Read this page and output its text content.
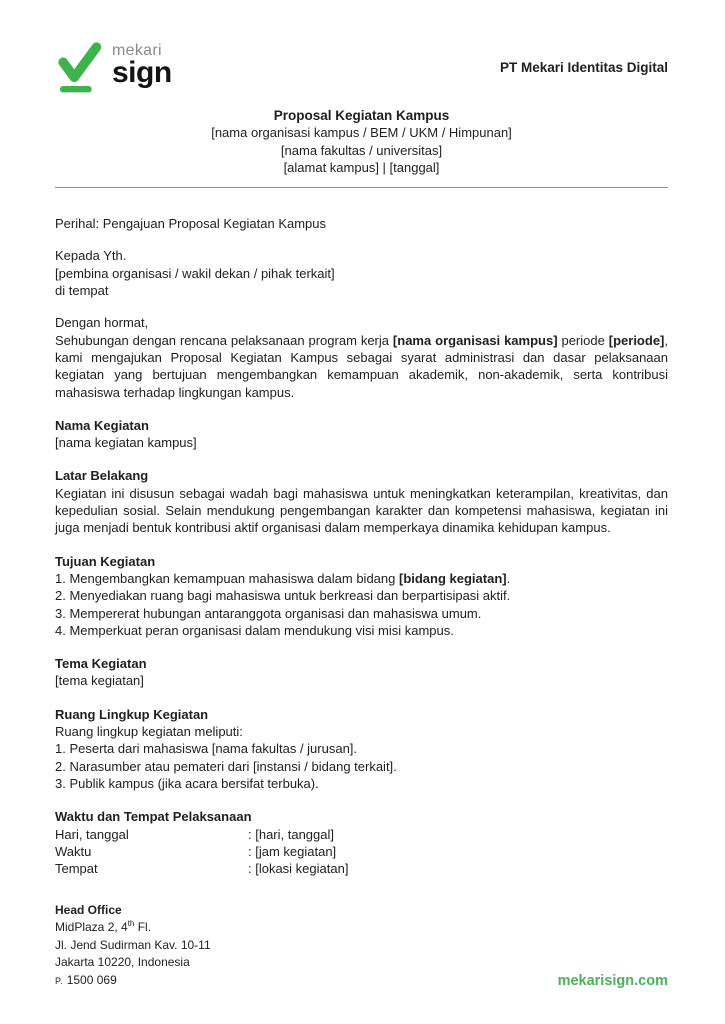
mekari
sign	PT Mekari Identitas Digital
Proposal Kegiatan Kampus
[nama organisasi kampus / BEM / UKM / Himpunan]
[nama fakultas / universitas]
[alamat kampus] | [tanggal]
Perihal: Pengajuan Proposal Kegiatan Kampus
Kepada Yth.
[pembina organisasi / wakil dekan / pihak terkait]
di tempat
Dengan hormat,
Sehubungan dengan rencana pelaksanaan program kerja [nama organisasi kampus] periode [periode], kami mengajukan Proposal Kegiatan Kampus sebagai syarat administrasi dan dasar pelaksanaan kegiatan yang bertujuan mengembangkan kemampuan akademik, non-akademik, serta kontribusi mahasiswa terhadap lingkungan kampus.
Nama Kegiatan
[nama kegiatan kampus]
Latar Belakang
Kegiatan ini disusun sebagai wadah bagi mahasiswa untuk meningkatkan keterampilan, kreativitas, dan kepedulian sosial. Selain mendukung pengembangan karakter dan kompetensi mahasiswa, kegiatan ini juga menjadi bentuk kontribusi aktif organisasi dalam memperkaya dinamika kehidupan kampus.
Tujuan Kegiatan
1. Mengembangkan kemampuan mahasiswa dalam bidang [bidang kegiatan].
2. Menyediakan ruang bagi mahasiswa untuk berkreasi dan berpartisipasi aktif.
3. Mempererat hubungan antaranggota organisasi dan mahasiswa umum.
4. Memperkuat peran organisasi dalam mendukung visi misi kampus.
Tema Kegiatan
[tema kegiatan]
Ruang Lingkup Kegiatan
Ruang lingkup kegiatan meliputi:
1. Peserta dari mahasiswa [nama fakultas / jurusan].
2. Narasumber atau pemateri dari [instansi / bidang terkait].
3. Publik kampus (jika acara bersifat terbuka).
Waktu dan Tempat Pelaksanaan
Hari, tanggal	: [hari, tanggal]
Waktu	: [jam kegiatan]
Tempat	: [lokasi kegiatan]
Head Office
MidPlaza 2, 4th Fl.
Jl. Jend Sudirman Kav. 10-11
Jakarta 10220, Indonesia
P. 1500 069	mekarisign.com
